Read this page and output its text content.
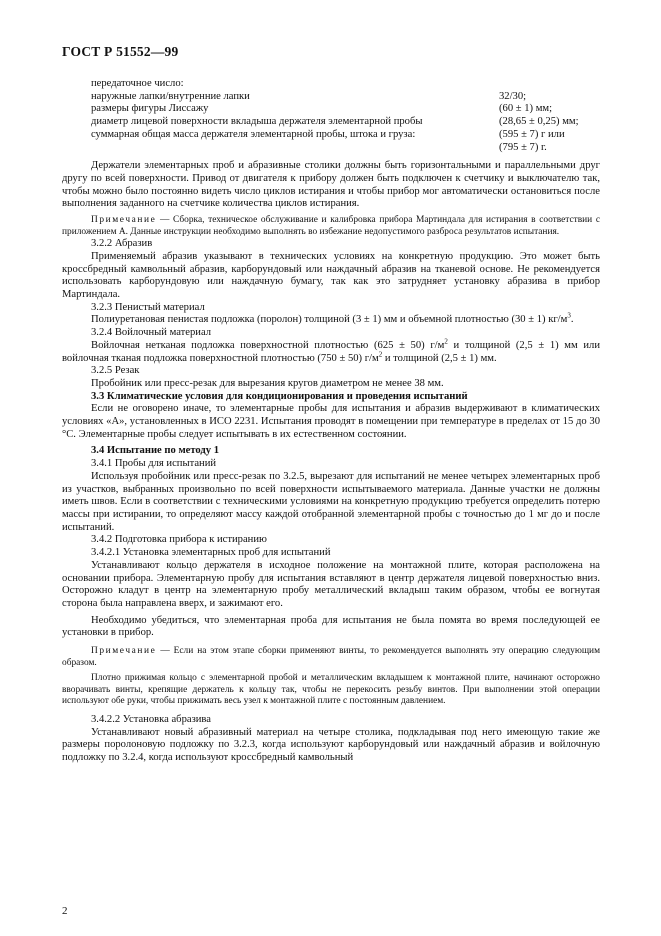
ГОСТ Р 51552—99
передаточное число:
наружные лапки/внутренние лапки	32/30;
размеры фигуры Лиссажу	(60 ± 1) мм;
диаметр лицевой поверхности вкладыша держателя элементарной пробы	(28,65 ± 0,25) мм;
суммарная общая масса держателя элементарной пробы, штока и груза:	(595 ± 7) г или
(795 ± 7) г.
Держатели элементарных проб и абразивные столики должны быть горизонтальными и параллельными друг другу по всей поверхности. Привод от двигателя к прибору должен быть подключен к счетчику и выключателю так, чтобы можно было постоянно видеть число циклов истирания и чтобы прибор мог автоматически остановиться после выполнения заданного на счетчике количества циклов истирания.
Примечание — Сборка, техническое обслуживание и калибровка прибора Мартиндала для истирания в соответствии с приложением А. Данные инструкции необходимо выполнять во избежание недопустимого разброса результатов испытания.
3.2.2 Абразив
Применяемый абразив указывают в технических условиях на конкретную продукцию. Это может быть кроссбредный камвольный абразив, карборундовый или наждачный абразив на тканевой основе. Не рекомендуется использовать карборундовую или наждачную бумагу, так как это затрудняет установку абразива в прибор Мартиндала.
3.2.3 Пенистый материал
Полиуретановая пенистая подложка (поролон) толщиной (3 ± 1) мм и объемной плотностью (30 ± 1) $кг/м^3$.
3.2.4 Войлочный материал
Войлочная нетканая подложка поверхностной плотностью (625 ± 50) $г/м^2$ и толщиной (2,5 ± 1) мм или войлочная тканая подложка поверхностной плотностью (750 ± 50) $г/м^2$ и толщиной (2,5 ± 1) мм.
3.2.5 Резак
Пробойник или пресс-резак для вырезания кругов диаметром не менее 38 мм.
3.3 Климатические условия для кондиционирования и проведения испытаний
Если не оговорено иначе, то элементарные пробы для испытания и абразив выдерживают в климатических условиях «А», установленных в ИСО 2231. Испытания проводят в помещении при температуре в пределах от 15 до 30 °С. Элементарные пробы следует испытывать в их естественном состоянии.
3.4 Испытание по методу 1
3.4.1 Пробы для испытаний
Используя пробойник или пресс-резак по 3.2.5, вырезают для испытаний не менее четырех элементарных проб из участков, выбранных произвольно по всей поверхности испытываемого материала. Данные участки не должны иметь швов. Если в соответствии с техническими условиями на конкретную продукцию требуется определить потерю массы при истирании, то определяют массу каждой отобранной элементарной пробы с точностью до 1 мг до и после испытаний.
3.4.2 Подготовка прибора к истиранию
3.4.2.1 Установка элементарных проб для испытаний
Устанавливают кольцо держателя в исходное положение на монтажной плите, которая расположена на основании прибора. Элементарную пробу для испытания вставляют в центр держателя лицевой поверхностью вниз. Осторожно кладут в центр на элементарную пробу металлический вкладыш таким образом, чтобы ее вогнутая сторона была направлена вверх, и зажимают его.
Необходимо убедиться, что элементарная проба для испытания не была помята во время последующей ее установки в прибор.
Примечание — Если на этом этапе сборки применяют винты, то рекомендуется выполнять эту операцию следующим образом.
Плотно прижимая кольцо с элементарной пробой и металлическим вкладышем к монтажной плите, начинают осторожно вворачивать винты, крепящие держатель к кольцу так, чтобы не перекосить резьбу винтов. При выполнении этой операции используют обе руки, чтобы прижимать весь узел к монтажной плите с постоянным давлением.
3.4.2.2 Установка абразива
Устанавливают новый абразивный материал на четыре столика, подкладывая под него имеющую такие же размеры поролоновую подложку по 3.2.3, когда используют карборундовый или наждачный абразив и войлочную подложку по 3.2.4, когда используют кроссбредный камвольный
2
